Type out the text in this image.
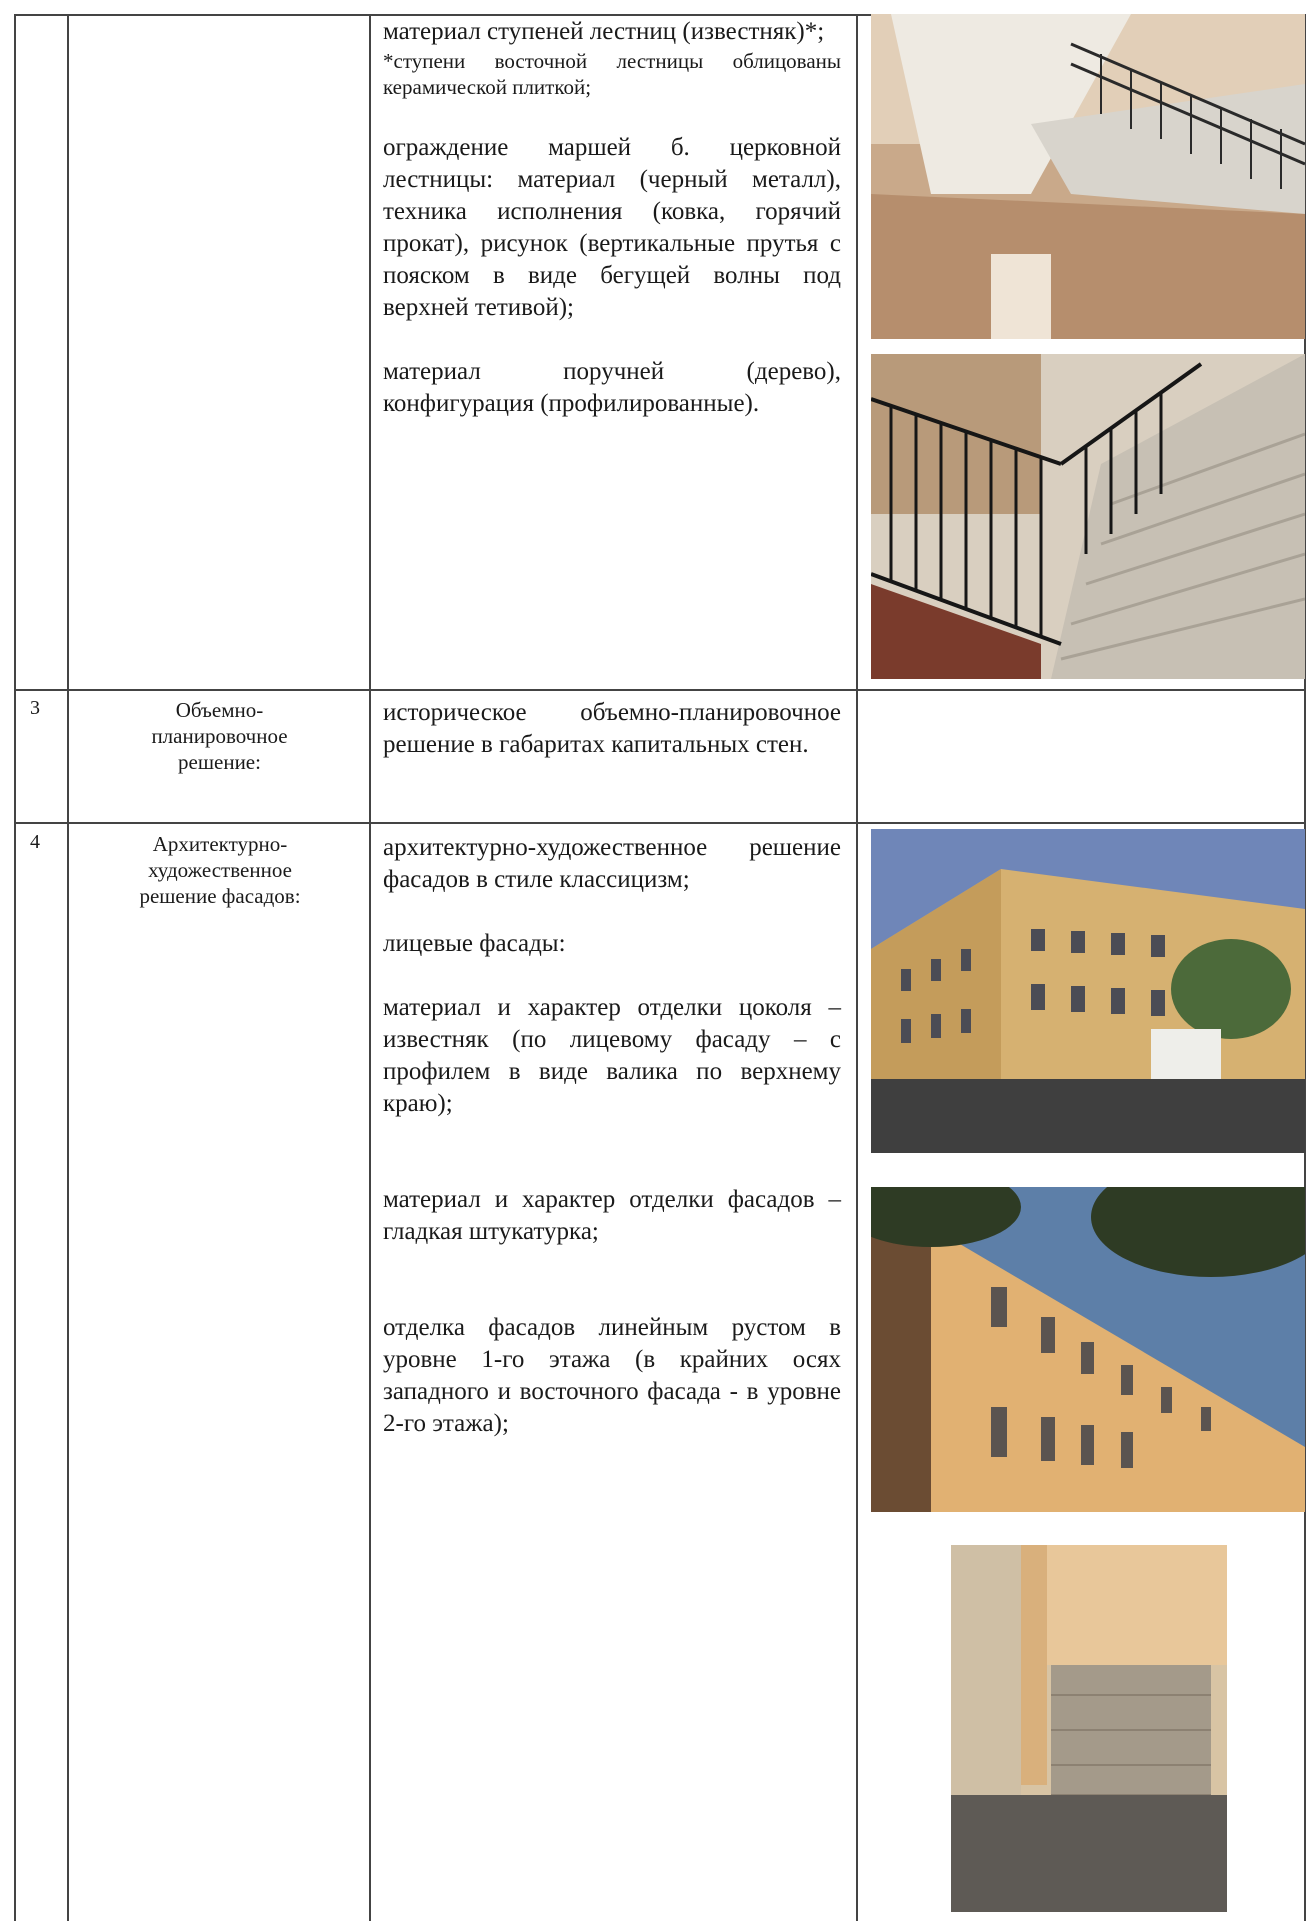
материал ступеней лестниц (известняк)*;

*ступени восточной лестницы облицованы керамической плиткой;

ограждение маршей б. церковной лестницы: материал (черный металл), техника исполнения (ковка, горячий прокат), рисунок (вертикальные прутья с пояском в виде бегущей волны под верхней тетивой);

материал поручней (дерево), конфигурация (профилированные).

3	Объемно-планировочное решение:

историческое объемно-планировочное решение в габаритах капитальных стен.

4	Архитектурно-художественное решение фасадов:

архитектурно-художественное решение фасадов в стиле классицизм;

лицевые фасады:

материал и характер отделки цоколя – известняк (по лицевому фасаду – с профилем в виде валика по верхнему краю);

материал и характер отделки фасадов – гладкая штукатурка;

отделка фасадов линейным рустом в уровне 1-го этажа (в крайних осях западного и восточного фасада - в уровне 2-го этажа);
